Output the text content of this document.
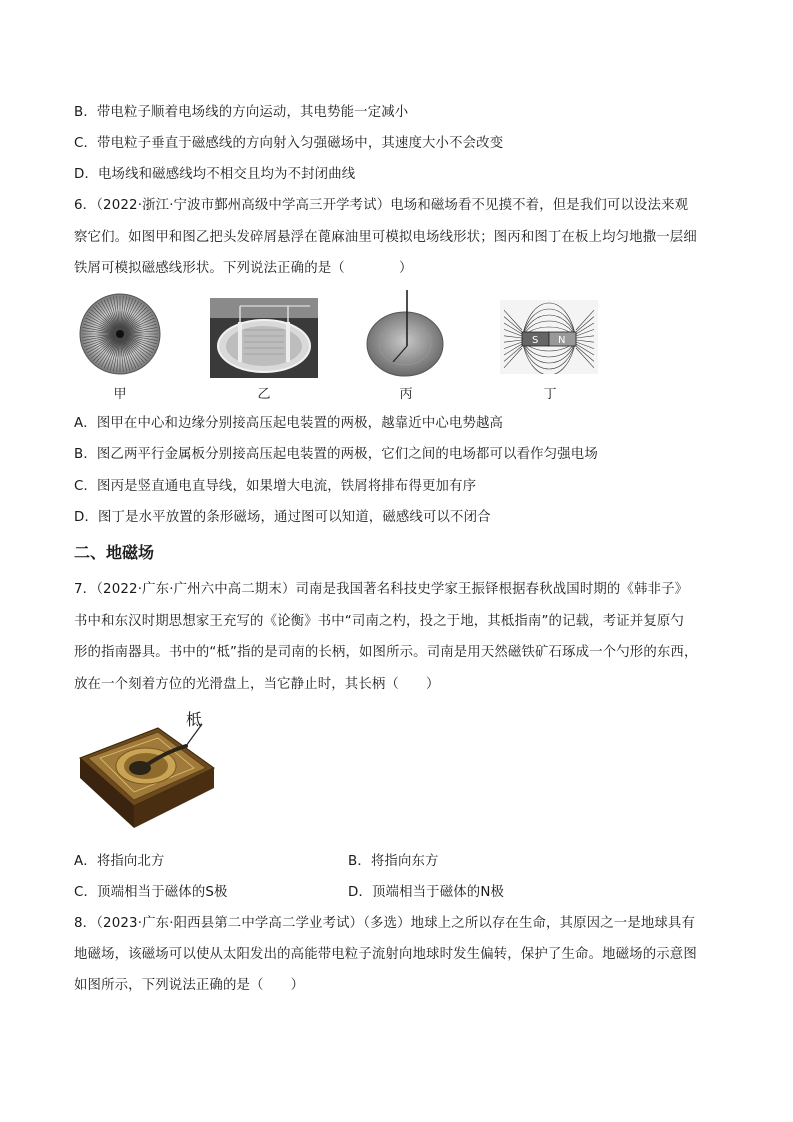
B．带电粒子顺着电场线的方向运动，其电势能一定减小
C．带电粒子垂直于磁感线的方向射入匀强磁场中，其速度大小不会改变
D．电场线和磁感线均不相交且均为不封闭曲线
6．（2022·浙江·宁波市鄞州高级中学高三开学考试）电场和磁场看不见摸不着，但是我们可以设法来观
察它们。如图甲和图乙把头发碎屑悬浮在蓖麻油里可模拟电场线形状；图丙和图丁在板上均匀地撒一层细
铁屑可模拟磁感线形状。下列说法正确的是（　　　　）
S N
甲	乙	丙	丁
A．图甲在中心和边缘分别接高压起电装置的两极，越靠近中心电势越高
B．图乙两平行金属板分别接高压起电装置的两极，它们之间的电场都可以看作匀强电场
C．图丙是竖直通电直导线，如果增大电流，铁屑将排布得更加有序
D．图丁是水平放置的条形磁场，通过图可以知道，磁感线可以不闭合
二、地磁场
7．（2022·广东·广州六中高二期末）司南是我国著名科技史学家王振铎根据春秋战国时期的《韩非子》
书中和东汉时期思想家王充写的《论衡》书中“司南之杓，投之于地，其柢指南”的记载，考证并复原勺
形的指南器具。书中的“柢”指的是司南的长柄，如图所示。司南是用天然磁铁矿石琢成一个勺形的东西，
放在一个刻着方位的光滑盘上，当它静止时，其长柄（　　）
柢
A．将指向北方	B．将指向东方
C．顶端相当于磁体的S极	D．顶端相当于磁体的N极
8．（2023·广东·阳西县第二中学高二学业考试）（多选）地球上之所以存在生命，其原因之一是地球具有
地磁场，该磁场可以使从太阳发出的高能带电粒子流射向地球时发生偏转，保护了生命。地磁场的示意图
如图所示，下列说法正确的是（　　）
